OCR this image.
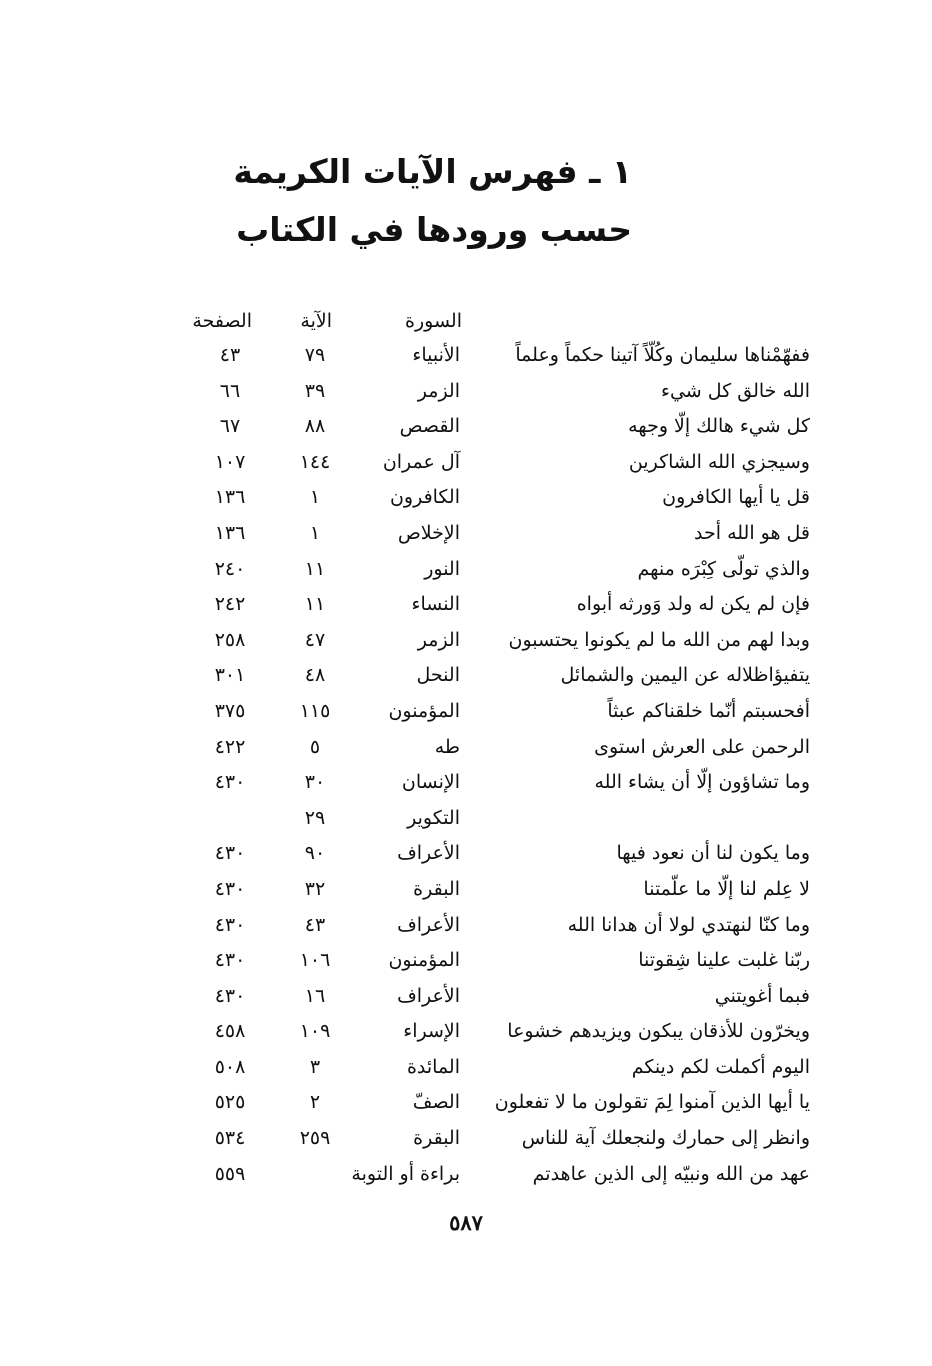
١ ـ فهرس الآيات الكريمة
حسب ورودها في الكتاب
السورة
الآية
الصفحة
ففهّمْناها سليمان وكُلّاً آتينا حكماً وعلماً
الأنبياء
٧٩
٤٣
الله خالق كل شيء
الزمر
٣٩
٦٦
كل شيء هالك إلّا وجهه
القصص
٨٨
٦٧
وسيجزي الله الشاكرين
آل عمران
١٤٤
١٠٧
قل يا أيها الكافرون
الكافرون
١
١٣٦
قل هو الله أحد
الإخلاص
١
١٣٦
والذي تولّى كِبْرَه منهم
النور
١١
٢٤٠
فإن لم يكن له ولد وَورثه أبواه
النساء
١١
٢٤٢
وبدا لهم من الله ما لم يكونوا يحتسبون
الزمر
٤٧
٢٥٨
يتفيؤاظلاله عن اليمين والشمائل
النحل
٤٨
٣٠١
أفحسبتم أنّما خلقناكم عبثاً
المؤمنون
١١٥
٣٧٥
الرحمن على العرش استوى
طه
٥
٤٢٢
وما تشاؤون إلّا أن يشاء الله
الإنسان
٣٠
٤٣٠
التكوير
٢٩
وما يكون لنا أن نعود فيها
الأعراف
٩٠
٤٣٠
لا عِلم لنا إلّا ما علّمتنا
البقرة
٣٢
٤٣٠
وما كنّا لنهتدي لولا أن هدانا الله
الأعراف
٤٣
٤٣٠
ربّنا غلبت علينا شِقوتنا
المؤمنون
١٠٦
٤٣٠
فبما أغويتني
الأعراف
١٦
٤٣٠
ويخرّون للأذقان يبكون ويزيدهم خشوعا
الإسراء
١٠٩
٤٥٨
اليوم أكملت لكم دينكم
المائدة
٣
٥٠٨
يا أيها الذين آمنوا لِمَ تقولون ما لا تفعلون
الصفّ
٢
٥٢٥
وانظر إلى حمارك ولنجعلك آية للناس
البقرة
٢٥٩
٥٣٤
عهد من الله ونبيّه إلى الذين عاهدتم
براءة أو التوبة
٥٥٩
٥٨٧
